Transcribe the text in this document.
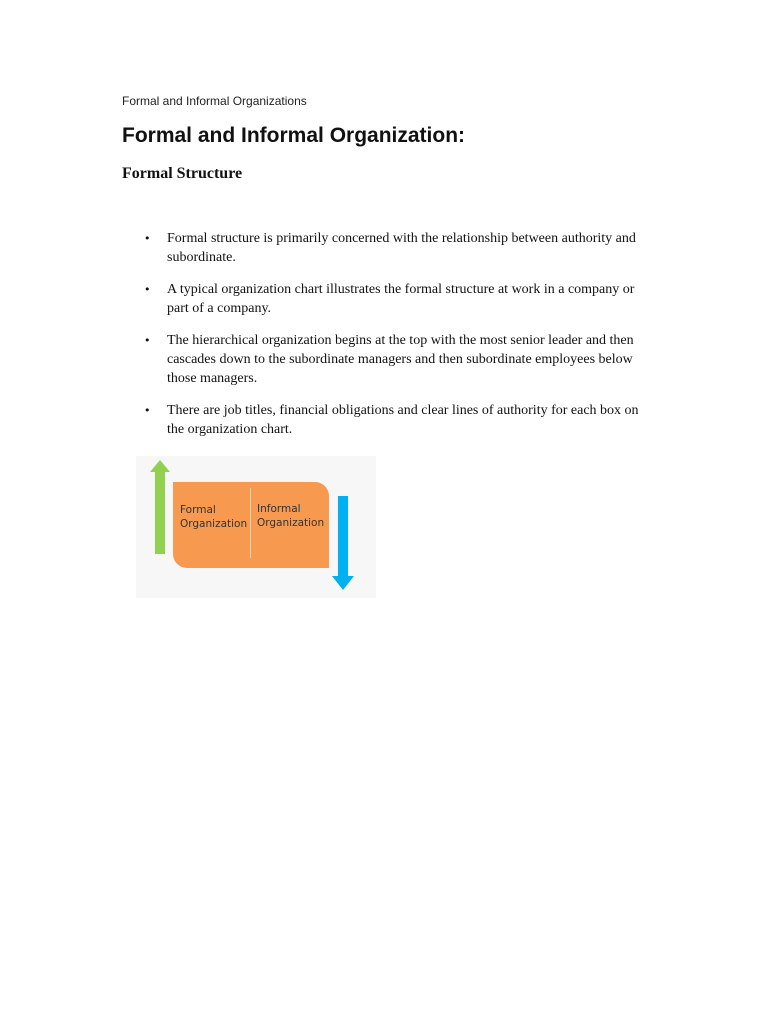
Formal and Informal Organizations
Formal and Informal Organization:
Formal Structure
• Formal structure is primarily concerned with the relationship between authority and subordinate.
• A typical organization chart illustrates the formal structure at work in a company or part of a company.
• The hierarchical organization begins at the top with the most senior leader and then cascades down to the subordinate managers and then subordinate employees below those managers.
• There are job titles, financial obligations and clear lines of authority for each box on the organization chart.
Formal Organization
Informal Organization
